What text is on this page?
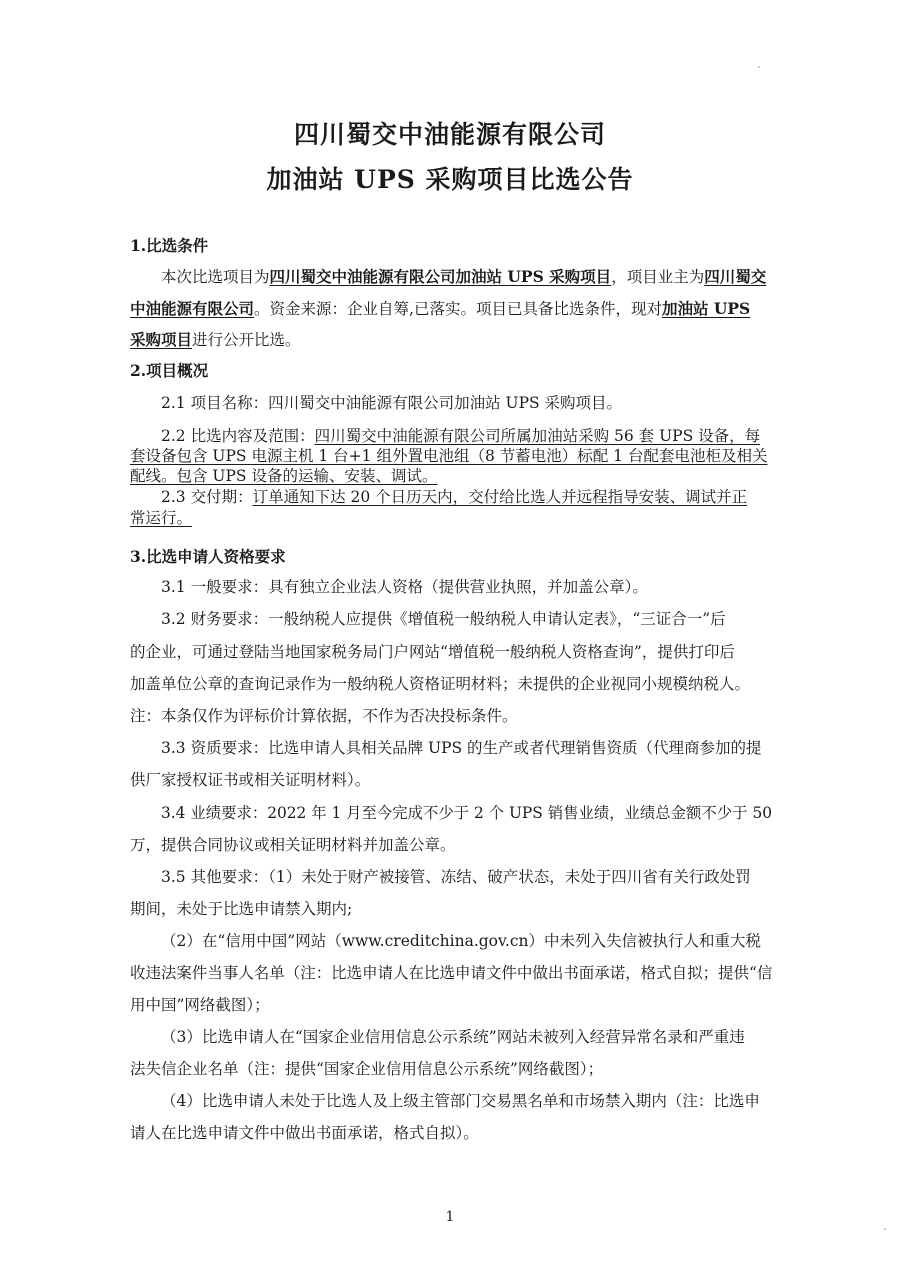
四川蜀交中油能源有限公司
加油站 UPS 采购项目比选公告
1.比选条件
本次比选项目为四川蜀交中油能源有限公司加油站 UPS 采购项目，项目业主为四川蜀交
中油能源有限公司。资金来源：企业自筹,已落实。项目已具备比选条件，现对加油站 UPS
采购项目进行公开比选。
2.项目概况
2.1 项目名称：四川蜀交中油能源有限公司加油站 UPS 采购项目。
2.2 比选内容及范围：四川蜀交中油能源有限公司所属加油站采购 56 套 UPS 设备，每
套设备包含 UPS 电源主机 1 台+1 组外置电池组（8 节蓄电池）标配 1 台配套电池柜及相关
配线。包含 UPS 设备的运输、安装、调试。
2.3 交付期：订单通知下达 20 个日历天内，交付给比选人并远程指导安装、调试并正
常运行。
3.比选申请人资格要求
3.1 一般要求：具有独立企业法人资格（提供营业执照，并加盖公章）。
3.2 财务要求：一般纳税人应提供《增值税一般纳税人申请认定表》，“三证合一”后
的企业，可通过登陆当地国家税务局门户网站“增值税一般纳税人资格查询”，提供打印后
加盖单位公章的查询记录作为一般纳税人资格证明材料；未提供的企业视同小规模纳税人。
注：本条仅作为评标价计算依据，不作为否决投标条件。
3.3 资质要求：比选申请人具相关品牌 UPS 的生产或者代理销售资质（代理商参加的提
供厂家授权证书或相关证明材料）。
3.4 业绩要求：2022 年 1 月至今完成不少于 2 个 UPS 销售业绩，业绩总金额不少于 50
万，提供合同协议或相关证明材料并加盖公章。
3.5 其他要求：（1）未处于财产被接管、冻结、破产状态，未处于四川省有关行政处罚
期间，未处于比选申请禁入期内;
（2）在“信用中国”网站（www.creditchina.gov.cn）中未列入失信被执行人和重大税
收违法案件当事人名单（注：比选申请人在比选申请文件中做出书面承诺，格式自拟；提供“信
用中国”网络截图）；
（3）比选申请人在“国家企业信用信息公示系统”网站未被列入经营异常名录和严重违
法失信企业名单（注：提供“国家企业信用信息公示系统”网络截图）；
（4）比选申请人未处于比选人及上级主管部门交易黑名单和市场禁入期内（注：比选申
请人在比选申请文件中做出书面承诺，格式自拟）。
1
